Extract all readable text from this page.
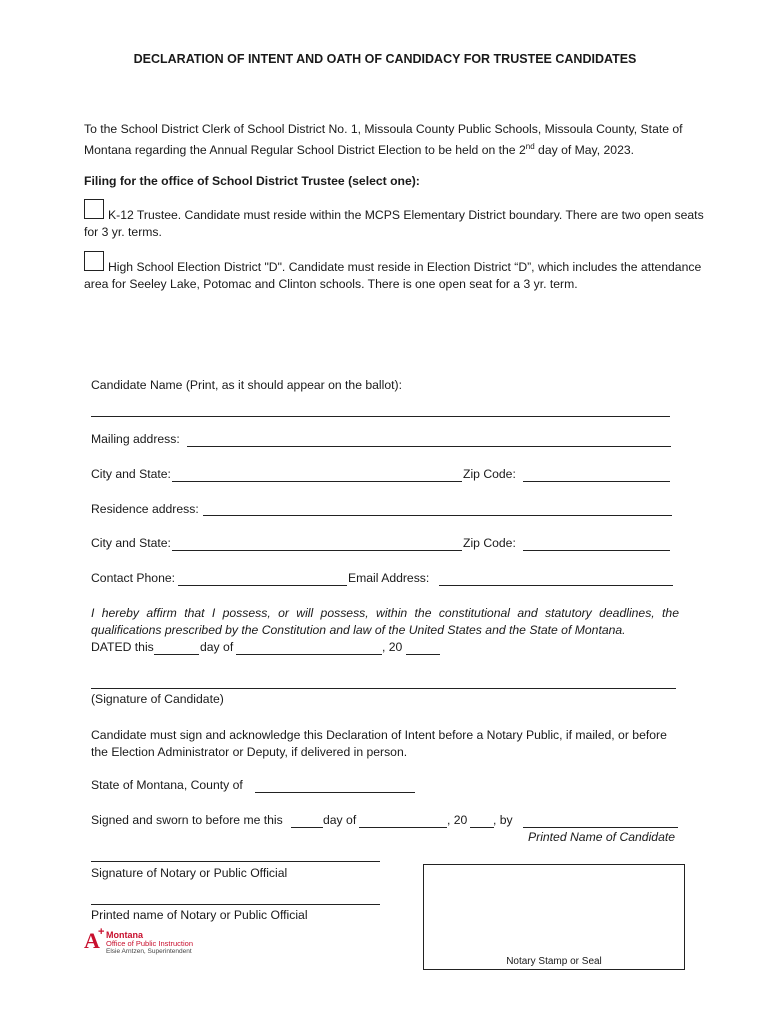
DECLARATION OF INTENT AND OATH OF CANDIDACY FOR TRUSTEE CANDIDATES
To the School District Clerk of School District No. 1, Missoula County Public Schools, Missoula County, State of Montana regarding the Annual Regular School District Election to be held on the 2nd day of May, 2023.
Filing for the office of School District Trustee (select one):
K-12 Trustee. Candidate must reside within the MCPS Elementary District boundary. There are two open seats for 3 yr. terms.
High School Election District "D". Candidate must reside in Election District “D”, which includes the attendance area for Seeley Lake, Potomac and Clinton schools. There is one open seat for a 3 yr. term.
Candidate Name (Print, as it should appear on the ballot):
Mailing address:
City and State:	Zip Code:
Residence address:
City and State:	Zip Code:
Contact Phone:	Email Address:
I hereby affirm that I possess, or will possess, within the constitutional and statutory deadlines, the qualifications prescribed by the Constitution and law of the United States and the State of Montana.
DATED this	day of	, 20
(Signature of Candidate)
Candidate must sign and acknowledge this Declaration of Intent before a Notary Public, if mailed, or before the Election Administrator or Deputy, if delivered in person.
State of Montana, County of
Signed and sworn to before me this	day of	, 20 , by
Printed Name of Candidate
Signature of Notary or Public Official
Printed name of Notary or Public Official
A
+ Montana
Office of Public Instruction
Elsie Arntzen, Superintendent
Notary Stamp or Seal
